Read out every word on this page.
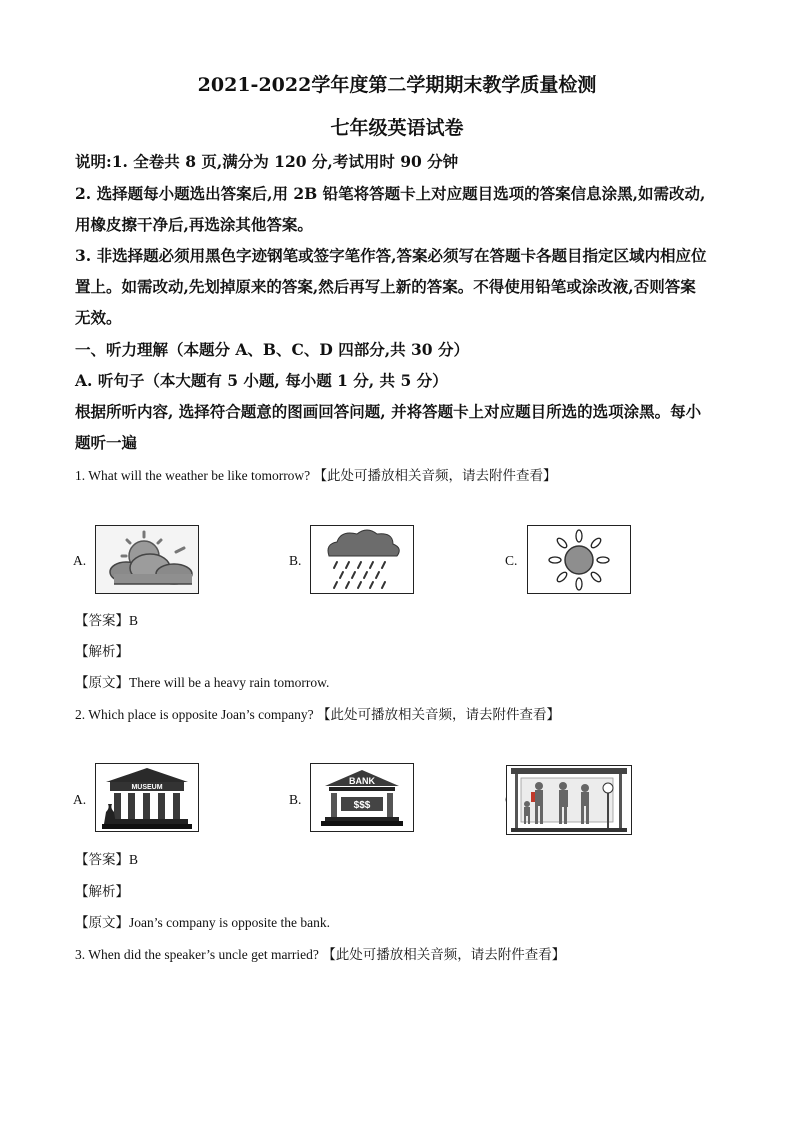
2021-2022学年度第二学期期末教学质量检测
七年级英语试卷
说明:1. 全卷共 8 页,满分为 120 分,考试用时 90 分钟
2. 选择题每小题选出答案后,用 2B 铅笔将答题卡上对应题目选项的答案信息涂黑,如需改动,
用橡皮擦干净后,再选涂其他答案。
3. 非选择题必须用黑色字迹钢笔或签字笔作答,答案必须写在答题卡各题目指定区域内相应位
置上。如需改动,先划掉原来的答案,然后再写上新的答案。不得使用铅笔或涂改液,否则答案
无效。
一、听力理解（本题分 A、B、C、D 四部分,共 30 分）
A. 听句子（本大题有 5 小题, 每小题 1 分, 共 5 分）
根据所听内容, 选择符合题意的图画回答问题, 并将答题卡上对应题目所选的选项涂黑。每小
题听一遍
1. What will the weather be like tomorrow? 【此处可播放相关音频，请去附件查看】
A.	B.	C.
【答案】B
【解析】
【原文】There will be a heavy rain tomorrow.
2. Which place is opposite Joan’s company? 【此处可播放相关音频，请去附件查看】
A.
MUSEUM
B.
BANK
$$$
【答案】B
【解析】
【原文】Joan’s company is opposite the bank.
3. When did the speaker’s uncle get married? 【此处可播放相关音频，请去附件查看】
